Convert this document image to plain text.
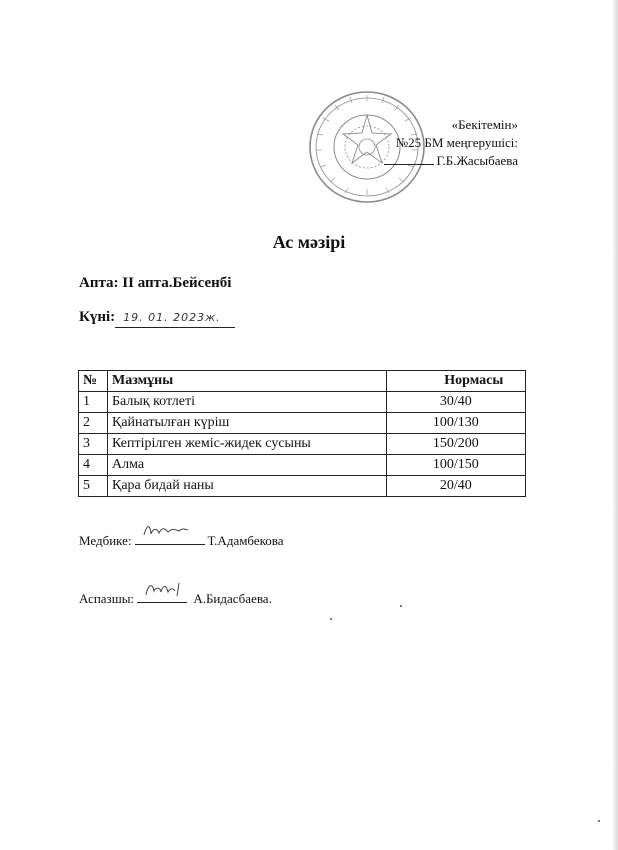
«Бекітемін»
№25 БМ меңгерушісі:
Г.Б.Жасыбаева
Ас мәзірі
Апта: II апта.Бейсенбі
Күні: 19. 01. 2023ж.
№	Мазмұны	Нормасы
1	Балық котлеті	30/40
2	Қайнатылған күріш	100/130
3	Кептірілген жеміс-жидек сусыны	150/200
4	Алма	100/150
5	Қара бидай наны	20/40
Медбике:	Т.Адамбекова
Аспазшы:	А.Бидасбаева.
